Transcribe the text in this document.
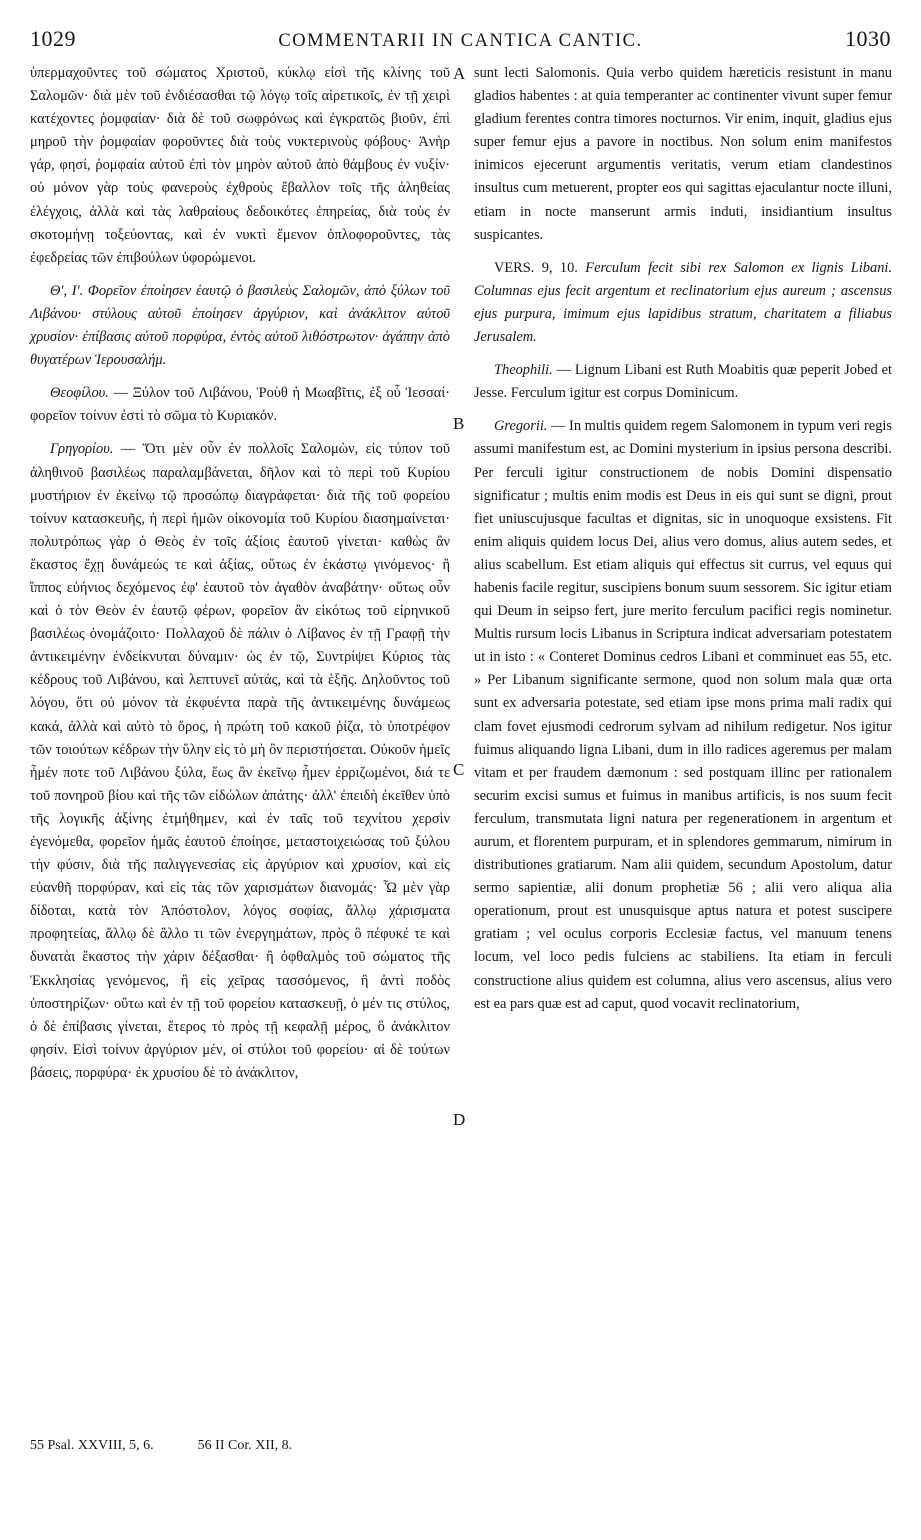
1029	COMMENTARII IN CANTICA CANTIC.	1030

ὑπερμαχοῦντες τοῦ σώματος Χριστοῦ, κύκλῳ εἰσὶ τῆς κλίνης τοῦ Σαλομῶν· διὰ μὲν τοῦ ἐνδιέσασθαι τῷ λόγῳ τοῖς αἱρετικοῖς, ἐν τῇ χειρὶ κατέχοντες ῥομφαίαν· διὰ δὲ τοῦ σωφρόνως καὶ ἐγκρατῶς βιοῦν, ἐπὶ μηροῦ τὴν ῥομφαίαν φοροῦντες διὰ τοὺς νυκτερινοὺς φόβους· Ἀνὴρ γάρ, φησί, ῥομφαία αὐτοῦ ἐπὶ τὸν μηρὸν αὐτοῦ ἀπὸ θάμβους ἐν νυξίν· οὐ μόνον γὰρ τοὺς φανεροὺς ἐχθροὺς ἔβαλλον τοῖς τῆς ἀληθείας ἐλέγχοις, ἀλλὰ καὶ τὰς λαθραίους δεδοικότες ἐπηρείας, διὰ τοὺς ἐν σκοτομήνῃ τοξεύοντας, καὶ ἐν νυκτὶ ἔμενον ὁπλοφοροῦντες, τὰς ἐφεδρείας τῶν ἐπιβούλων ὑφορώμενοι.

Θ', Ι'. Φορεῖον ἐποίησεν ἑαυτῷ ὁ βασιλεὺς Σαλομῶν, ἀπὸ ξύλων τοῦ Λιβάνου· στύλους αὐτοῦ ἐποίησεν ἀργύριον, καὶ ἀνάκλιτον αὐτοῦ χρυσίον· ἐπίβασις αὐτοῦ πορφύρα, ἐντὸς αὐτοῦ λιθόστρωτον· ἀγάπην ἀπὸ θυγατέρων Ἱερουσαλήμ.

Θεοφίλου. — Ξύλον τοῦ Λιβάνου, Ῥοὺθ ἡ Μωαβῖτις, ἐξ οὗ Ἰεσσαί· φορεῖον τοίνυν ἐστὶ τὸ σῶμα τὸ Κυριακόν.

Γρηγορίου. — Ὅτι μὲν οὖν ἐν πολλοῖς Σαλομὼν, εἰς τύπον τοῦ ἀληθινοῦ βασιλέως παραλαμβάνεται, δῆλον καὶ τὸ περὶ τοῦ Κυρίου μυστήριον ἐν ἐκείνῳ τῷ προσώπῳ διαγράφεται· διὰ τῆς τοῦ φορείου τοίνυν κατασκευῆς, ἡ περὶ ἡμῶν οἰκονομία τοῦ Κυρίου διασημαίνεται· πολυτρόπως γὰρ ὁ Θεὸς ἐν τοῖς ἀξίοις ἑαυτοῦ γίνεται· καθὼς ἂν ἕκαστος ἔχῃ δυνάμεώς τε καὶ ἀξίας, οὕτως ἐν ἑκάστῳ γινόμενος· ἢ ἵππος εὐήνιος δεχόμενος ἐφ' ἑαυτοῦ τὸν ἀγαθὸν ἀναβάτην· οὕτως οὖν καὶ ὁ τὸν Θεὸν ἐν ἑαυτῷ φέρων, φορεῖον ἂν εἰκότως τοῦ εἰρηνικοῦ βασιλέως ὀνομάζοιτο· Πολλαχοῦ δὲ πάλιν ὁ Λίβανος ἐν τῇ Γραφῇ τὴν ἀντικειμένην ἐνδείκνυται δύναμιν· ὡς ἐν τῷ, Συντρίψει Κύριος τὰς κέδρους τοῦ Λιβάνου, καὶ λεπτυνεῖ αὐτάς, καὶ τὰ ἑξῆς. Δηλοῦντος τοῦ λόγου, ὅτι οὐ μόνον τὰ ἐκφυέντα παρὰ τῆς ἀντικειμένης δυνάμεως κακά, ἀλλὰ καὶ αὐτὸ τὸ ὄρος, ἡ πρώτη τοῦ κακοῦ ῥίζα, τὸ ὑποτρέφον τῶν τοιούτων κέδρων τὴν ὕλην εἰς τὸ μὴ ὂν περιστήσεται. Οὐκοῦν ἡμεῖς ἦμέν ποτε τοῦ Λιβάνου ξύλα, ἕως ἂν ἐκεῖνῳ ἦμεν ἐρριζωμένοι, διά τε τοῦ πονηροῦ βίου καὶ τῆς τῶν εἰδώλων ἀπάτης· ἀλλ' ἐπειδὴ ἐκεῖθεν ὑπὸ τῆς λογικῆς ἀξίνης ἐτμήθημεν, καὶ ἐν ταῖς τοῦ τεχνίτου χερσὶν ἐγενόμεθα, φορεῖον ἡμᾶς ἑαυτοῦ ἐποίησε, μεταστοιχειώσας τοῦ ξύλου τὴν φύσιν, διὰ τῆς παλιγγενεσίας εἰς ἀργύριον καὶ χρυσίον, καὶ εἰς εὐανθῆ πορφύραν, καὶ εἰς τὰς τῶν χαρισμάτων διανομάς· Ὧ μὲν γὰρ δίδοται, κατὰ τὸν Ἀπόστολον, λόγος σοφίας, ἄλλῳ χάρισματα προφητείας, ἄλλῳ δὲ ἄλλο τι τῶν ἐνεργημάτων, πρὸς ὃ πέφυκέ τε καὶ δυνατὰι ἕκαστος τὴν χάριν δέξασθαι· ἢ ὀφθαλμὸς τοῦ σώματος τῆς Ἐκκλησίας γενόμενος, ἢ εἰς χεῖρας τασσόμενος, ἢ ἀντὶ ποδὸς ὑποστηρίζων· οὕτω καὶ ἐν τῇ τοῦ φορείου κατασκευῇ, ὁ μέν τις στύλος, ὁ δὲ ἐπίβασις γίνεται, ἕτερος τὸ πρὸς τῇ κεφαλῇ μέρος, ὃ ἀνάκλιτον φησίν. Εἰσὶ τοίνυν ἀργύριον μέν, οἱ στύλοι τοῦ φορείου· αἱ δὲ τούτων βάσεις, πορφύρα· ἐκ χρυσίου δὲ τὸ ἀνάκλιτον,

sunt lecti Salomonis. Quia verbo quidem hæreticis resistunt in manu gladios habentes : at quia temperanter ac continenter vivunt super femur gladium ferentes contra timores nocturnos. Vir enim, inquit, gladius ejus super femur ejus a pavore in noctibus. Non solum enim manifestos inimicos ejecerunt argumentis veritatis, verum etiam clandestinos insultus cum metuerent, propter eos qui sagittas ejaculantur nocte illuni, etiam in nocte manserunt armis induti, insidiantium insultus suspicantes.

VERS. 9, 10. Ferculum fecit sibi rex Salomon ex lignis Libani. Columnas ejus fecit argentum et reclinatorium ejus aureum ; ascensus ejus purpura, imimum ejus lapidibus stratum, charitatem a filiabus Jerusalem.

Theophili. — Lignum Libani est Ruth Moabitis quæ peperit Jobed et Jesse. Ferculum igitur est corpus Dominicum.

Gregorii. — In multis quidem regem Salomonem in typum veri regis assumi manifestum est, ac Domini mysterium in ipsius persona describi. Per ferculi igitur constructionem de nobis Domini dispensatio significatur ; multis enim modis est Deus in eis qui sunt se digni, prout fiet uniuscujusque facultas et dignitas, sic in unoquoque exsistens. Fit enim aliquis quidem locus Dei, alius vero domus, alius autem sedes, et alius scabellum. Est etiam aliquis qui effectus sit currus, vel equus qui habenis facile regitur, suscipiens bonum suum sessorem. Sic igitur etiam qui Deum in seipso fert, jure merito ferculum pacifici regis nominetur. Multis rursum locis Libanus in Scriptura indicat adversariam potestatem ut in isto : « Conteret Dominus cedros Libani et comminuet eas 55, etc. » Per Libanum significante sermone, quod non solum mala quæ orta sunt ex adversaria potestate, sed etiam ipse mons prima mali radix qui clam fovet ejusmodi cedrorum sylvam ad nihilum redigetur. Nos igitur fuimus aliquando ligna Libani, dum in illo radices ageremus per malam vitam et per fraudem dæmonum : sed postquam illinc per rationalem securim excisi sumus et fuimus in manibus artificis, is nos suum fecit ferculum, transmutata ligni natura per regenerationem in argentum et aurum, et florentem purpuram, et in splendores gemmarum, nimirum in distributiones gratiarum. Nam alii quidem, secundum Apostolum, datur sermo sapientiæ, alii donum prophetiæ 56 ; alii vero aliqua alia operationum, prout est unusquisque aptus natura et potest suscipere gratiam ; vel oculus corporis Ecclesiæ factus, vel manuum tenens locum, vel loco pedis fulciens ac stabiliens. Ita etiam in ferculi constructione alius quidem est columna, alius vero ascensus, alius vero est ea pars quæ est ad caput, quod vocavit reclinatorium,

A
B
C
D
55 Psal. XXVIII, 5, 6.	56 II Cor. XII, 8.
